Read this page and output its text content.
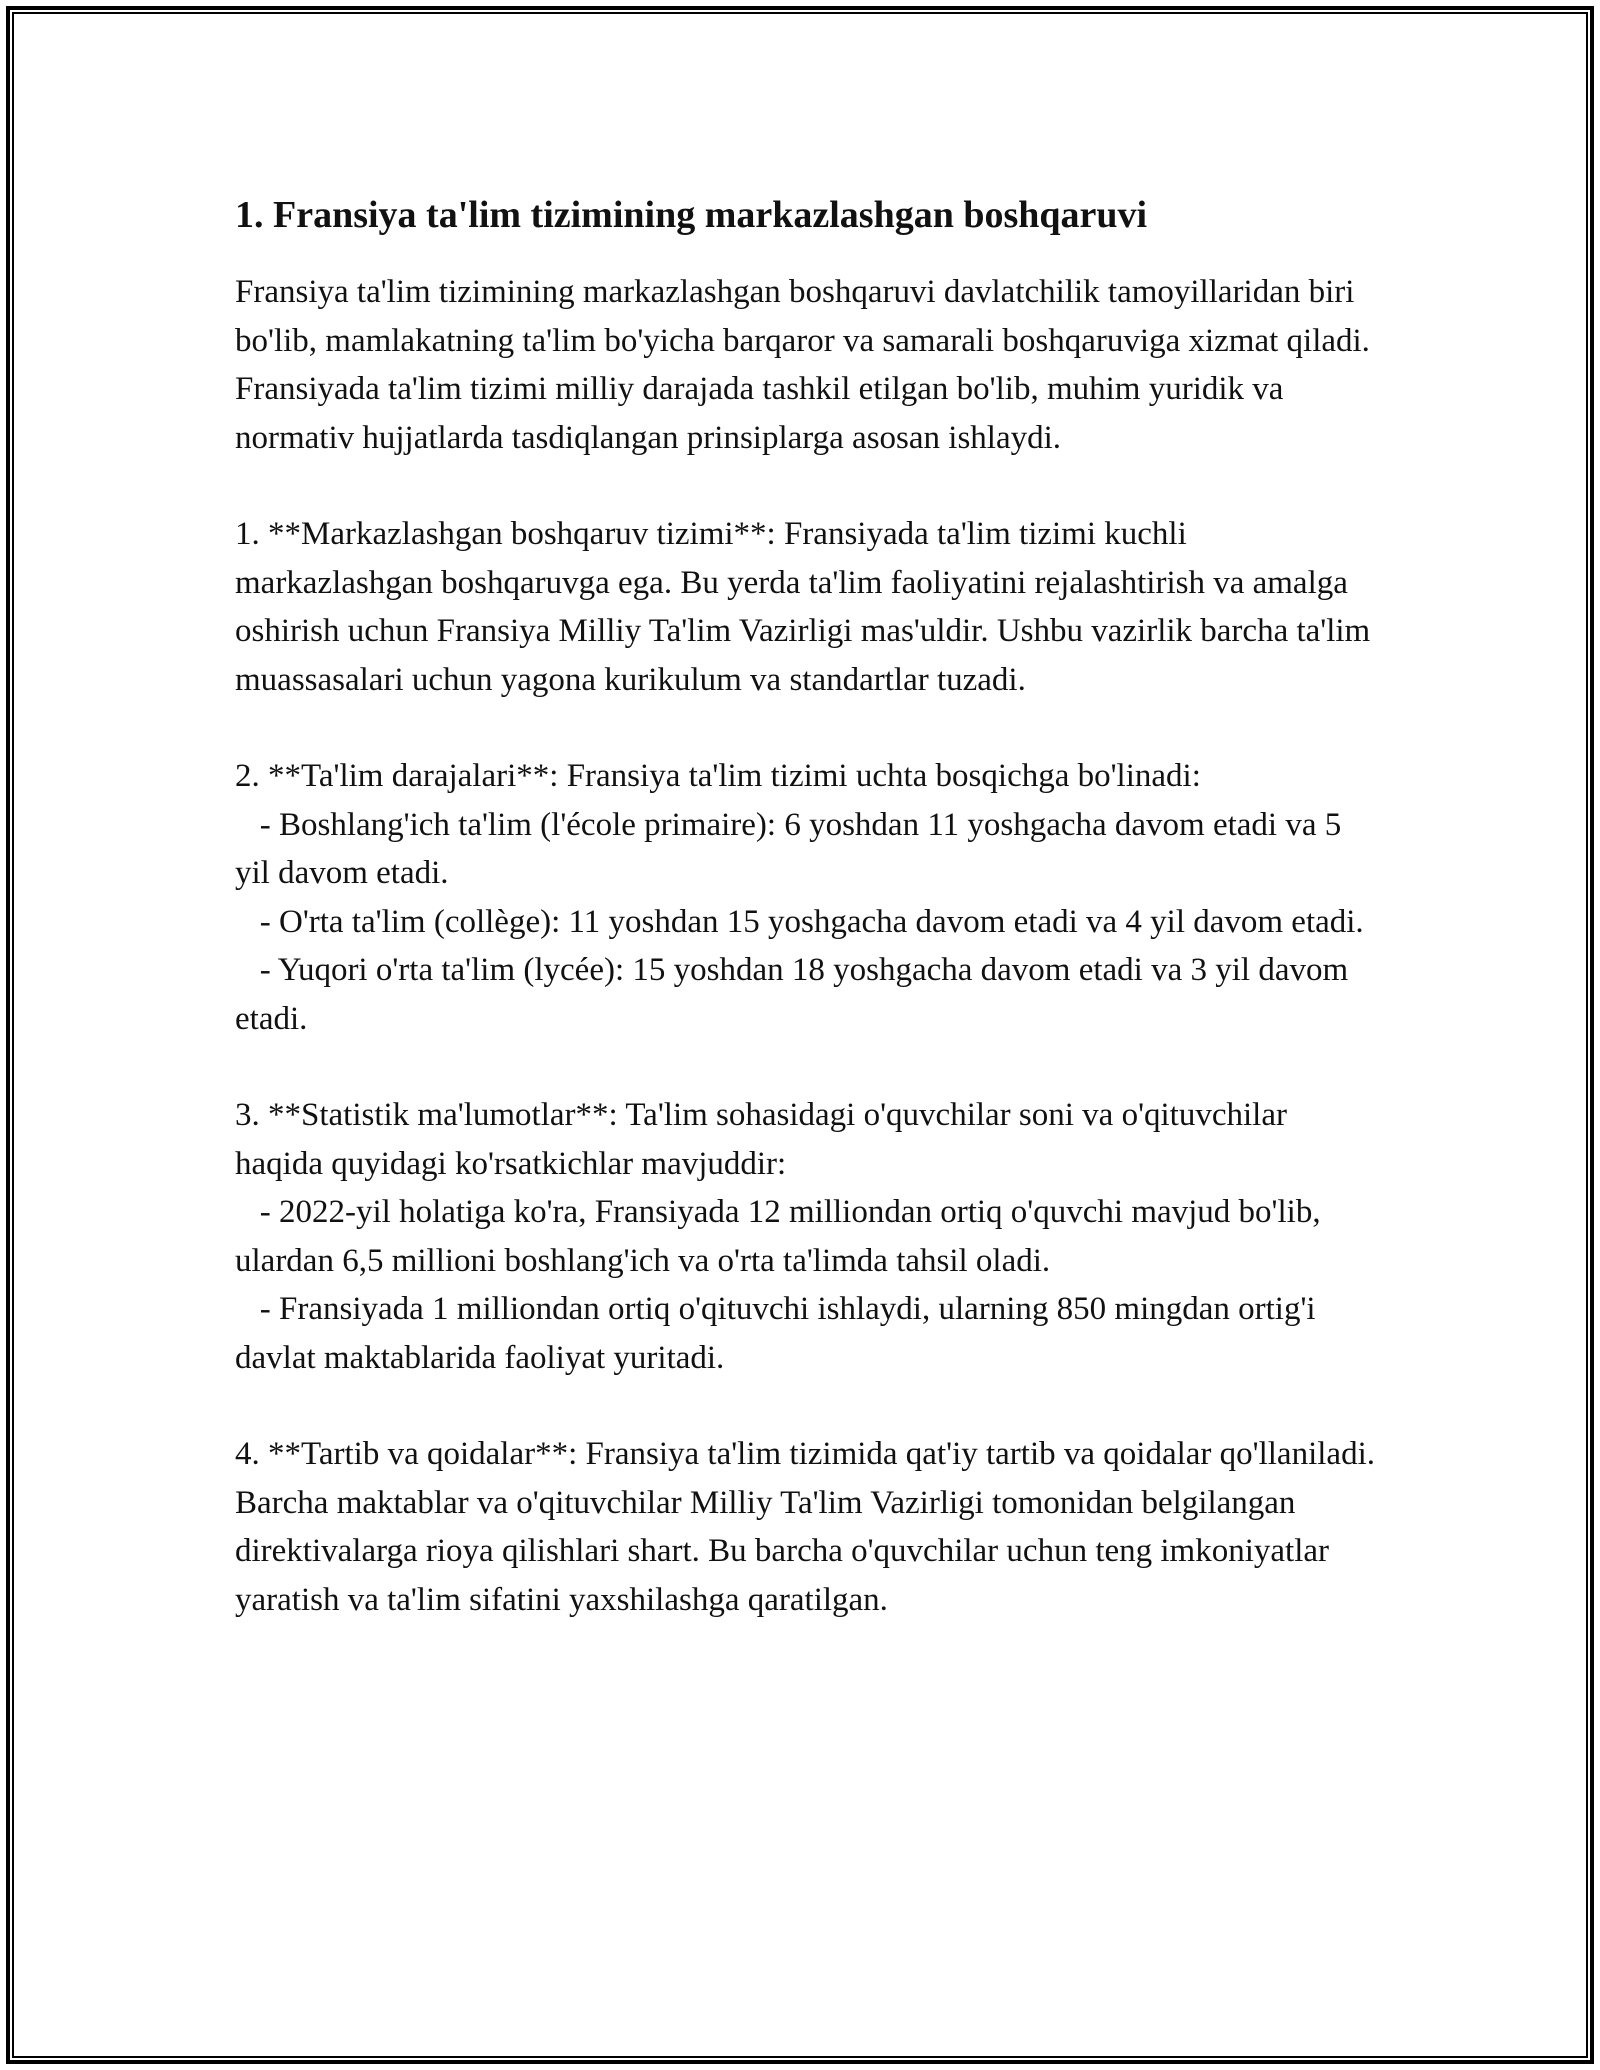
1. Fransiya ta'lim tizimining markazlashgan boshqaruvi

Fransiya ta'lim tizimining markazlashgan boshqaruvi davlatchilik tamoyillaridan biri bo'lib, mamlakatning ta'lim bo'yicha barqaror va samarali boshqaruviga xizmat qiladi. Fransiyada ta'lim tizimi milliy darajada tashkil etilgan bo'lib, muhim yuridik va normativ hujjatlarda tasdiqlangan prinsiplarga asosan ishlaydi.

1. **Markazlashgan boshqaruv tizimi**: Fransiyada ta'lim tizimi kuchli markazlashgan boshqaruvga ega. Bu yerda ta'lim faoliyatini rejalashtirish va amalga oshirish uchun Fransiya Milliy Ta'lim Vazirligi mas'uldir. Ushbu vazirlik barcha ta'lim muassasalari uchun yagona kurikulum va standartlar tuzadi.

2. **Ta'lim darajalari**: Fransiya ta'lim tizimi uchta bosqichga bo'linadi:
- Boshlang'ich ta'lim (l'école primaire): 6 yoshdan 11 yoshgacha davom etadi va 5 yil davom etadi.
- O'rta ta'lim (collège): 11 yoshdan 15 yoshgacha davom etadi va 4 yil davom etadi.
- Yuqori o'rta ta'lim (lycée): 15 yoshdan 18 yoshgacha davom etadi va 3 yil davom etadi.

3. **Statistik ma'lumotlar**: Ta'lim sohasidagi o'quvchilar soni va o'qituvchilar haqida quyidagi ko'rsatkichlar mavjuddir:
- 2022-yil holatiga ko'ra, Fransiyada 12 milliondan ortiq o'quvchi mavjud bo'lib, ulardan 6,5 millioni boshlang'ich va o'rta ta'limda tahsil oladi.
- Fransiyada 1 milliondan ortiq o'qituvchi ishlaydi, ularning 850 mingdan ortig'i davlat maktablarida faoliyat yuritadi.

4. **Tartib va qoidalar**: Fransiya ta'lim tizimida qat'iy tartib va qoidalar qo'llaniladi. Barcha maktablar va o'qituvchilar Milliy Ta'lim Vazirligi tomonidan belgilangan direktivalarga rioya qilishlari shart. Bu barcha o'quvchilar uchun teng imkoniyatlar yaratish va ta'lim sifatini yaxshilashga qaratilgan.
